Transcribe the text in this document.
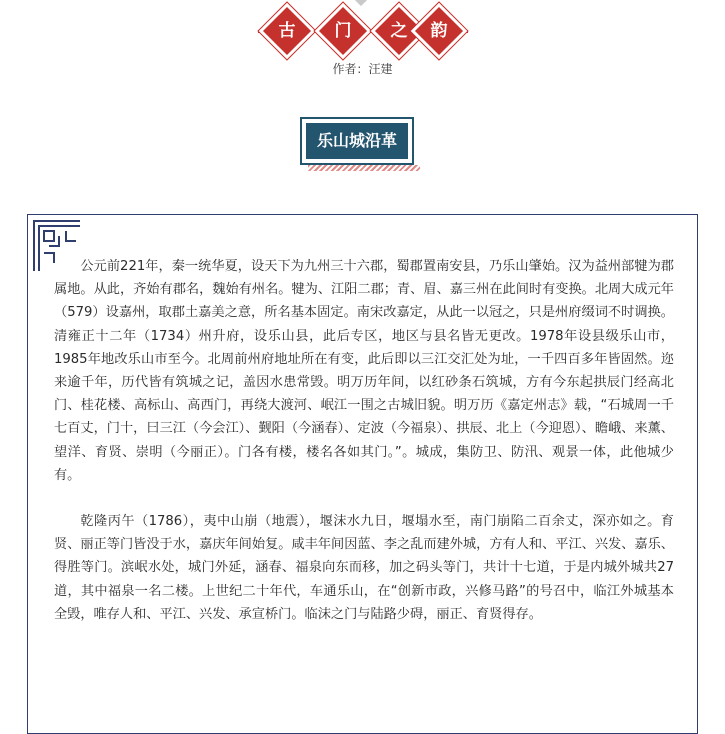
古	门	之	韵
作者：汪建
乐山城沿革

公元前221年，秦一统华夏，设天下为九州三十六郡，蜀郡置南安县，乃乐山肇始。汉为益州部犍为郡属地。从此，齐始有郡名，魏始有州名。犍为、江阳二郡；青、眉、嘉三州在此间时有变换。北周大成元年（579）设嘉州，取郡土嘉美之意，所名基本固定。南宋改嘉定，从此一以冠之，只是州府缀词不时调换。清雍正十二年（1734）州升府，设乐山县，此后专区，地区与县名皆无更改。1978年设县级乐山市，1985年地改乐山市至今。北周前州府地址所在有变，此后即以三江交汇处为址，一千四百多年皆固然。迩来逾千年，历代皆有筑城之记，盖因水患常毁。明万历年间，以红砂条石筑城，方有今东起拱辰门经高北门、桂花楼、高标山、高西门，再绕大渡河、岷江一围之古城旧貌。明万历《嘉定州志》载，“石城周一千七百丈，门十，曰三江（今会江）、觐阳（今涵春）、定波（今福泉）、拱辰、北上（今迎恩）、瞻峨、来薰、望洋、育贤、崇明（今丽正）。门各有楼，楼名各如其门。”。城成，集防卫、防汛、观景一体，此他城少有。

乾隆丙午（1786），夷中山崩（地震），堰沫水九日，堰塌水至，南门崩陷二百余丈，深亦如之。育贤、丽正等门皆没于水，嘉庆年间始复。咸丰年间因蓝、李之乱而建外城，方有人和、平江、兴发、嘉乐、得胜等门。滨岷水处，城门外延，涵春、福泉向东而移，加之码头等门，共计十七道，于是内城外城共27道，其中福泉一名二楼。上世纪二十年代，车通乐山，在“创新市政，兴修马路”的号召中，临江外城基本全毁，唯存人和、平江、兴发、承宣桥门。临沫之门与陆路少碍，丽正、育贤得存。
